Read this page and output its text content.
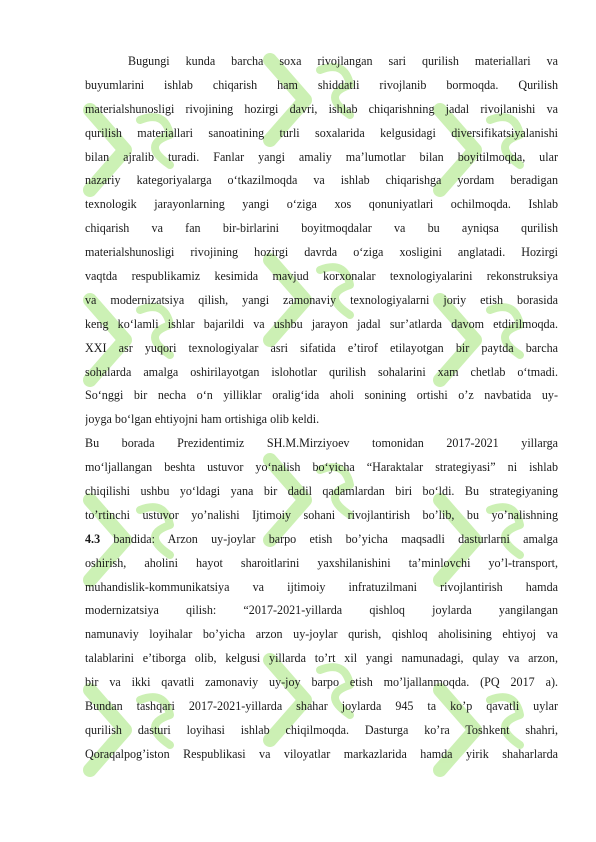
Bugungi kunda barcha soxa rivojlangan sari qurilish materiallari va
buyumlarini ishlab chiqarish ham shiddatli rivojlanib bormoqda. Qurilish
materialshunosligi rivojining hozirgi davri, ishlab chiqarishning jadal rivojlanishi va
qurilish materiallari sanoatining turli soxalarida kelgusidagi diversifikatsiyalanishi
bilan ajralib turadi. Fanlar yangi amaliy ma’lumotlar bilan boyitilmoqda, ular
nazariy kategoriyalarga o‘tkazilmoqda va ishlab chiqarishga yordam beradigan
texnologik jarayonlarning yangi o‘ziga xos qonuniyatlari ochilmoqda. Ishlab
chiqarish va fan bir-birlarini boyitmoqdalar va bu ayniqsa qurilish
materialshunosligi rivojining hozirgi davrda o‘ziga xosligini anglatadi. Hozirgi
vaqtda respublikamiz kesimida mavjud korxonalar texnologiyalarini rekonstruksiya
va modernizatsiya qilish, yangi zamonaviy texnologiyalarni joriy etish borasida
keng ko‘lamli ishlar bajarildi va ushbu jarayon jadal sur’atlarda davom etdirilmoqda.
XXI asr yuqori texnologiyalar asri sifatida e’tirof etilayotgan bir paytda barcha
sohalarda amalga oshirilayotgan islohotlar qurilish sohalarini xam chetlab o‘tmadi.
So‘nggi bir necha o‘n yilliklar oralig‘ida aholi sonining ortishi o’z navbatida uy-
joyga bo‘lgan ehtiyojni ham ortishiga olib keldi.
Bu borada Prezidentimiz SH.M.Mirziyoev tomonidan 2017-2021 yillarga
mo‘ljallangan beshta ustuvor yo‘nalish bo‘yicha “Haraktalar strategiyasi” ni ishlab
chiqilishi ushbu yo‘ldagi yana bir dadil qadamlardan biri bo‘ldi. Bu strategiyaning
to’rtinchi ustuvor yo’nalishi Ijtimoiy sohani rivojlantirish bo’lib, bu yo’nalishning
4.3 bandida: Arzon uy-joylar barpo etish bo’yicha maqsadli dasturlarni amalga
oshirish, aholini hayot sharoitlarini yaxshilanishini ta’minlovchi yo’l-transport,
muhandislik-kommunikatsiya va ijtimoiy infratuzilmani rivojlantirish hamda
modernizatsiya qilish: “2017-2021-yillarda qishloq joylarda yangilangan
namunaviy loyihalar bo’yicha arzon uy-joylar qurish, qishloq aholisining ehtiyoj va
talablarini e’tiborga olib, kelgusi yillarda to’rt xil yangi namunadagi, qulay va arzon,
bir va ikki qavatli zamonaviy uy-joy barpo etish mo’ljallanmoqda. (PQ 2017 a).
Bundan tashqari 2017-2021-yillarda shahar joylarda 945 ta ko’p qavatli uylar
qurilish dasturi loyihasi ishlab chiqilmoqda. Dasturga ko’ra Toshkent shahri,
Qoraqalpog’iston Respublikasi va viloyatlar markazlarida hamda yirik shaharlarda
